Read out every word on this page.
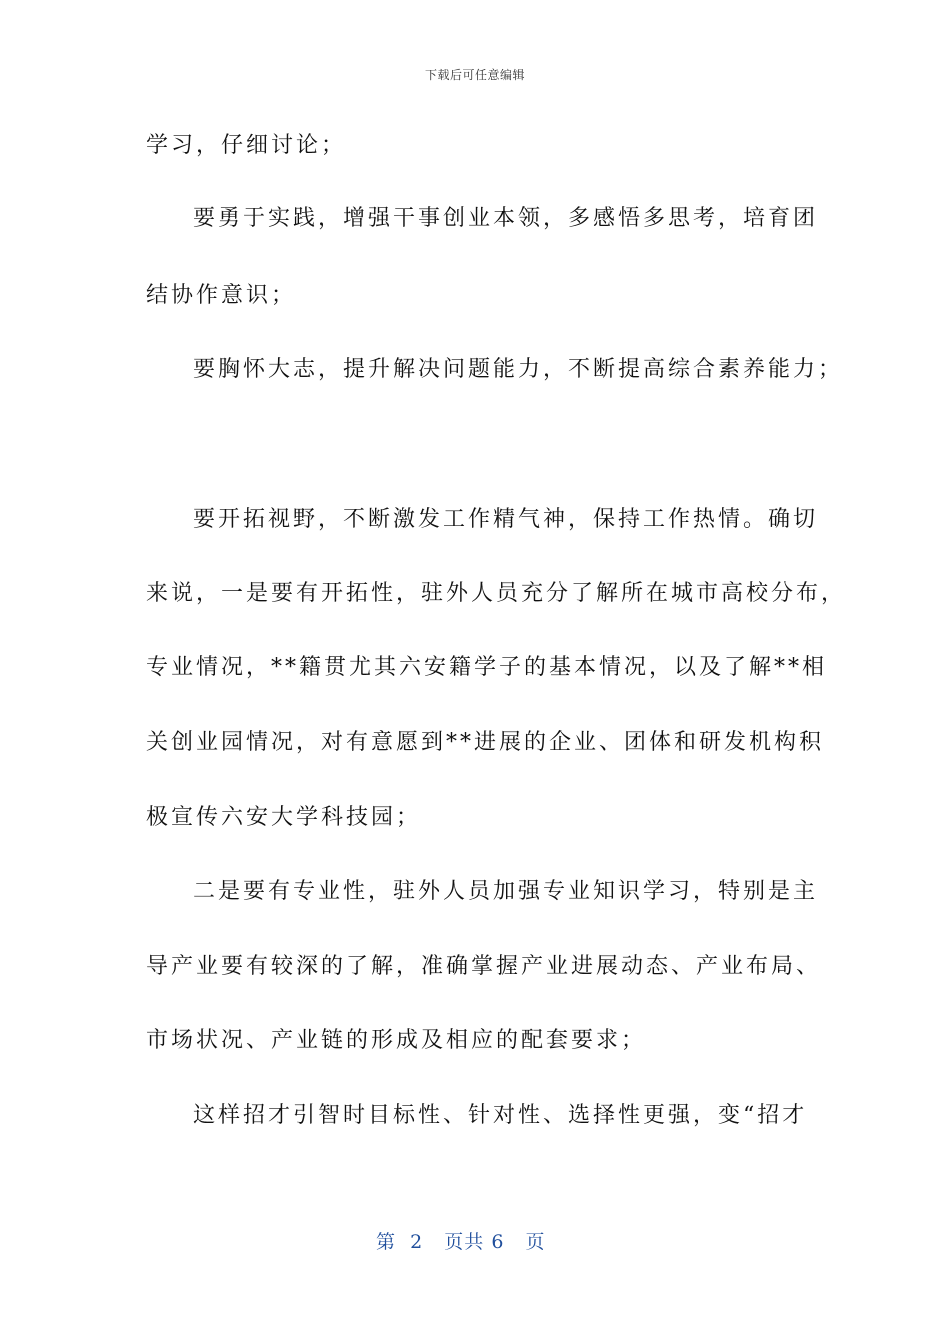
下载后可任意编辑
学习，仔细讨论；
要勇于实践，增强干事创业本领，多感悟多思考，培育团
结协作意识；
要胸怀大志，提升解决问题能力，不断提高综合素养能力；
要开拓视野，不断激发工作精气神，保持工作热情。确切
来说，一是要有开拓性，驻外人员充分了解所在城市高校分布，
专业情况，**籍贯尤其六安籍学子的基本情况，以及了解**相
关创业园情况，对有意愿到**进展的企业、团体和研发机构积
极宣传六安大学科技园；
二是要有专业性，驻外人员加强专业知识学习，特别是主
导产业要有较深的了解，准确掌握产业进展动态、产业布局、
市场状况、产业链的形成及相应的配套要求；
这样招才引智时目标性、针对性、选择性更强，变“招才
第  2   页共 6   页
